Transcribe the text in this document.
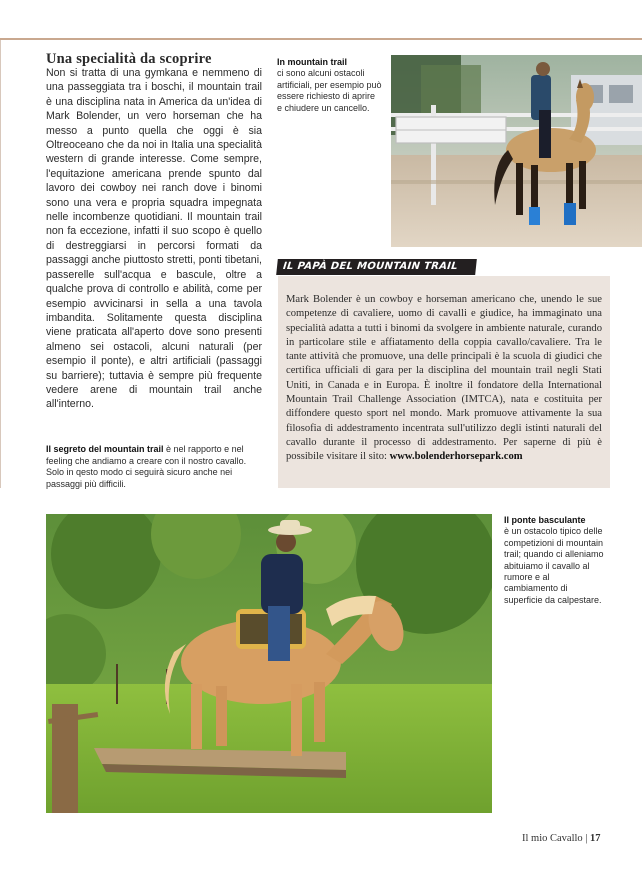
Una specialità da scoprire
Non si tratta di una gymkana e nemmeno di una passeggiata tra i boschi, il mountain trail è una disciplina nata in America da un'idea di Mark Bolender, un vero horseman che ha messo a punto quella che oggi è sia Oltreoceano che da noi in Italia una specialità western di grande interesse. Come sempre, l'equitazione americana prende spunto dal lavoro dei cowboy nei ranch dove i binomi sono una vera e propria squadra impegnata nelle incombenze quotidiani. Il mountain trail non fa eccezione, infatti il suo scopo è quello di destreggiarsi in percorsi formati da passaggi anche piuttosto stretti, ponti tibetani, passerelle sull'acqua e bascule, oltre a qualche prova di controllo e abilità, come per esempio avvicinarsi in sella a una tavola imbandita. Solitamente questa disciplina viene praticata all'aperto dove sono presenti almeno sei ostacoli, alcuni naturali (per esempio il ponte), e altri artificiali (passaggi su barriere); tuttavia è sempre più frequente vedere arene di mountain trail anche all'interno.
Il segreto del mountain trail è nel rapporto e nel feeling che andiamo a creare con il nostro cavallo. Solo in qesto modo ci seguirà sicuro anche nei passaggi più difficili.
In mountain trail
ci sono alcuni ostacoli artificiali, per esempio può essere richiesto di aprire e chiudere un cancello.
IL PAPÀ DEL MOUNTAIN TRAIL
Mark Bolender è un cowboy e horseman americano che, unendo le sue competenze di cavaliere, uomo di cavalli e giudice, ha immaginato una specialità adatta a tutti i binomi da svolgere in ambiente naturale, curando in particolare stile e affiatamento della coppia cavallo/cavaliere. Tra le tante attività che promuove, una delle principali è la scuola di giudici che certifica ufficiali di gara per la disciplina del mountain trail negli Stati Uniti, in Canada e in Europa. È inoltre il fondatore della International Mountain Trail Challenge Association (IMTCA), nata e costituita per diffondere questo sport nel mondo. Mark promuove attivamente la sua filosofia di addestramento incentrata sull'utilizzo degli istinti naturali del cavallo durante il processo di addestramento. Per saperne di più è possibile visitare il sito: www.bolenderhorsepark.com
Il ponte basculante
è un ostacolo tipico delle competizioni di mountain trail; quando ci alleniamo abituiamo il cavallo al rumore e al cambiamento di superficie da calpestare.
Il mio Cavallo | 17
